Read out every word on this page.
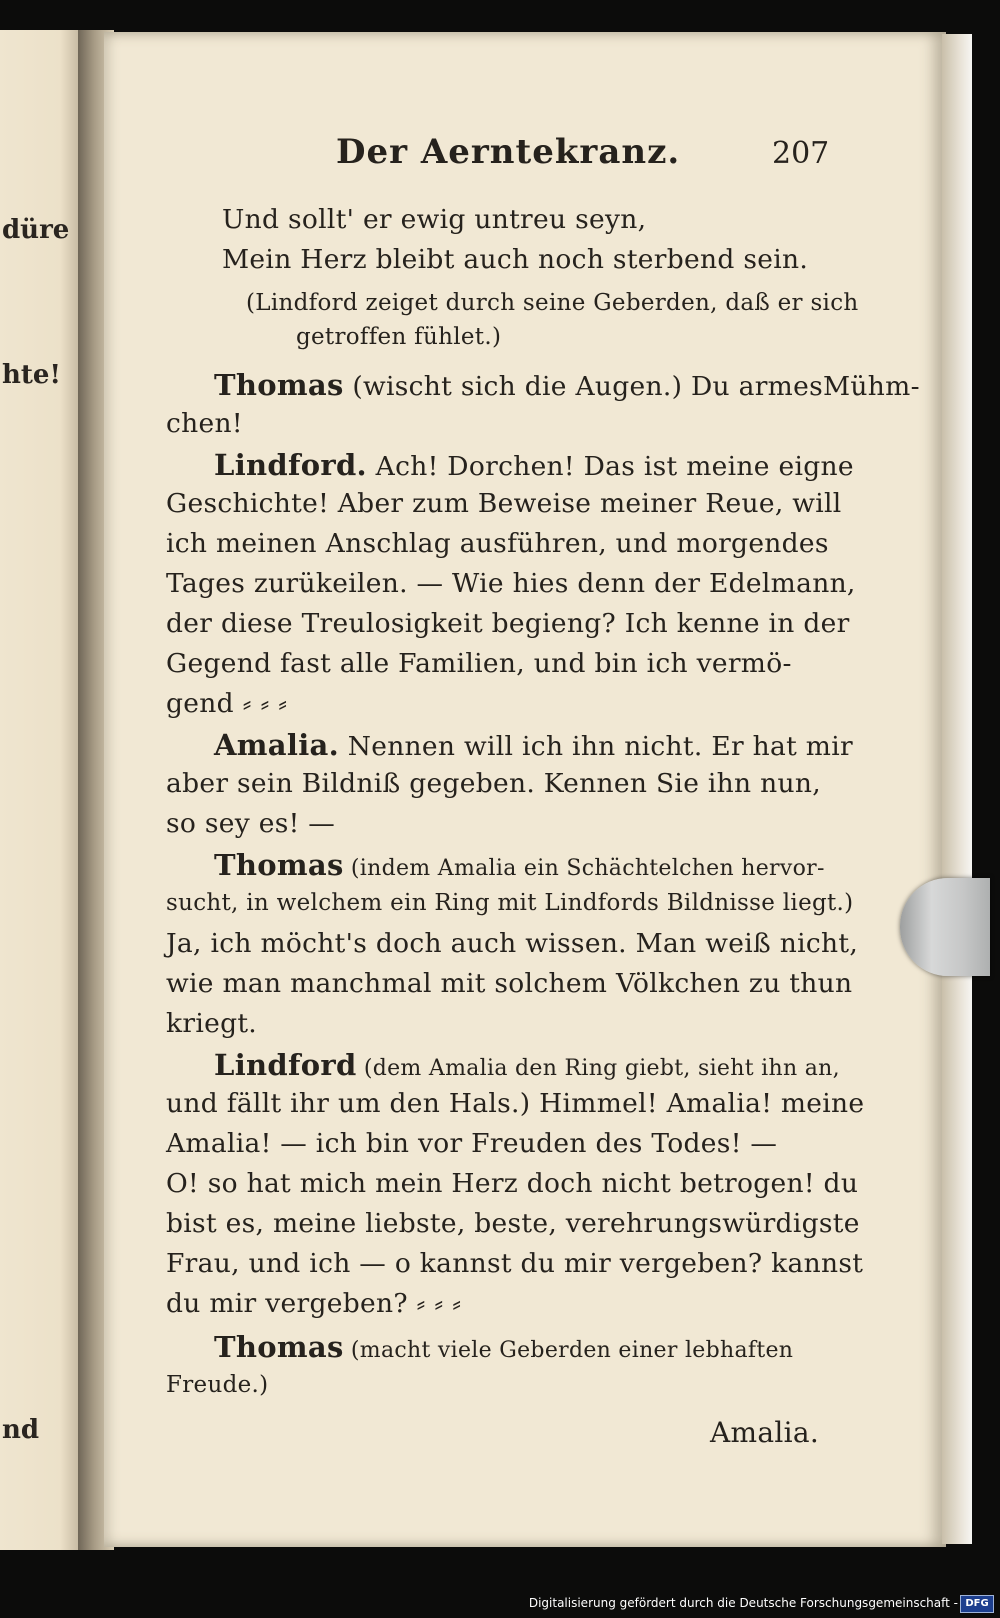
düre
hte!
nd
Der Aerntekranz.	207
Und sollt' er ewig untreu seyn,
Mein Herz bleibt auch noch sterbend sein.
(Lindford zeiget durch seine Geberden, daß er sich
getroffen fühlet.)
Thomas (wischt sich die Augen.) Du armesMühm-
chen!
Lindford. Ach! Dorchen! Das ist meine eigne
Geschichte! Aber zum Beweise meiner Reue, will
ich meinen Anschlag ausführen, und morgendes
Tages zurükeilen. — Wie hies denn der Edelmann,
der diese Treulosigkeit begieng? Ich kenne in der
Gegend fast alle Familien, und bin ich vermö-
gend ⸗ ⸗ ⸗
Amalia. Nennen will ich ihn nicht. Er hat mir
aber sein Bildniß gegeben. Kennen Sie ihn nun,
so sey es! —
Thomas (indem Amalia ein Schächtelchen hervor-
sucht, in welchem ein Ring mit Lindfords Bildnisse liegt.)
Ja, ich möcht's doch auch wissen. Man weiß nicht,
wie man manchmal mit solchem Völkchen zu thun
kriegt.
Lindford (dem Amalia den Ring giebt, sieht ihn an,
und fällt ihr um den Hals.) Himmel! Amalia! meine
Amalia! — ich bin vor Freuden des Todes! —
O! so hat mich mein Herz doch nicht betrogen! du
bist es, meine liebste, beste, verehrungswürdigste
Frau, und ich — o kannst du mir vergeben? kannst
du mir vergeben? ⸗ ⸗ ⸗
Thomas (macht viele Geberden einer lebhaften
Freude.)
Amalia.
Digitalisierung gefördert durch die Deutsche Forschungsgemeinschaft - DFG
